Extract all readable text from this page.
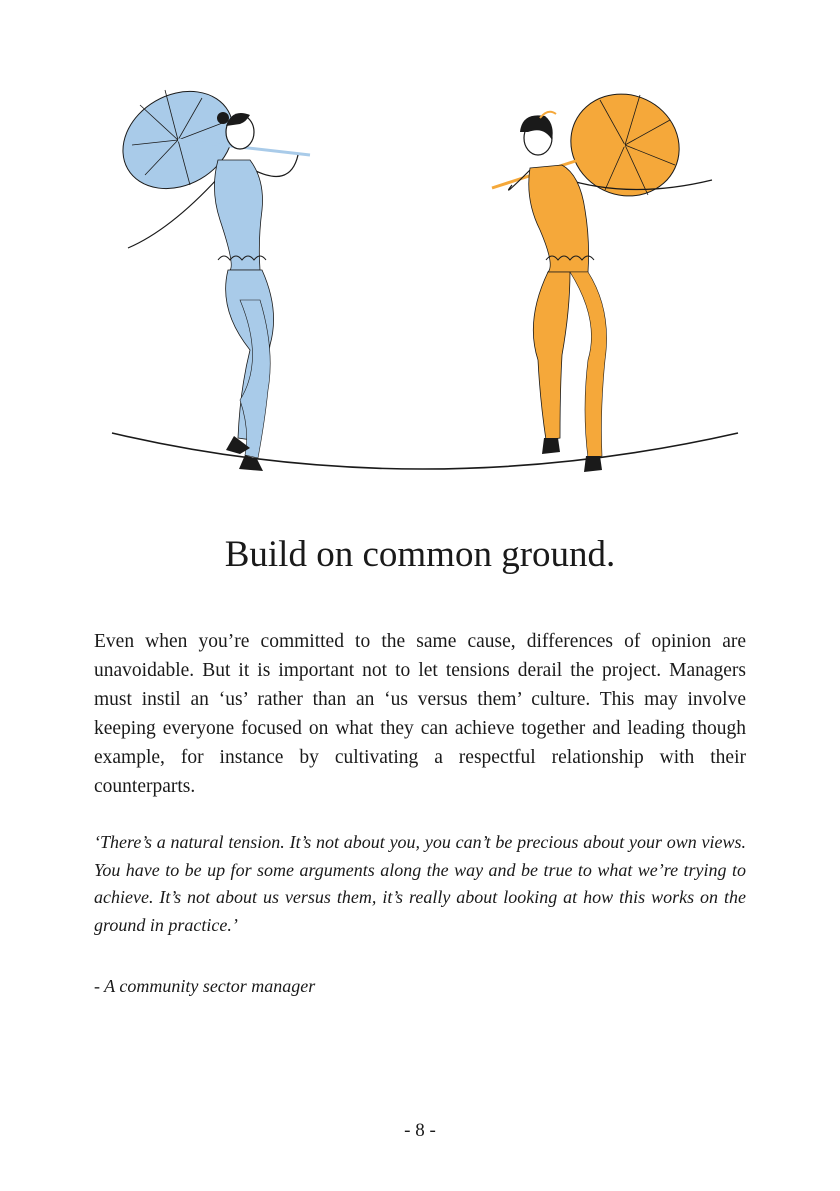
Build on common ground.

Even when you’re committed to the same cause, differences of opinion are unavoidable. But it is important not to let tensions derail the project. Managers must instil an ‘us’ rather than an ‘us versus them’ culture. This may involve keeping everyone focused on what they can achieve together and leading though example, for instance by cultivating a respectful relationship with their counterparts.

‘There’s a natural tension. It’s not about you, you can’t be precious about your own views. You have to be up for some arguments along the way and be true to what we’re trying to achieve. It’s not about us versus them, it’s really about looking at how this works on the ground in practice.’

- A community sector manager

- 8 -
